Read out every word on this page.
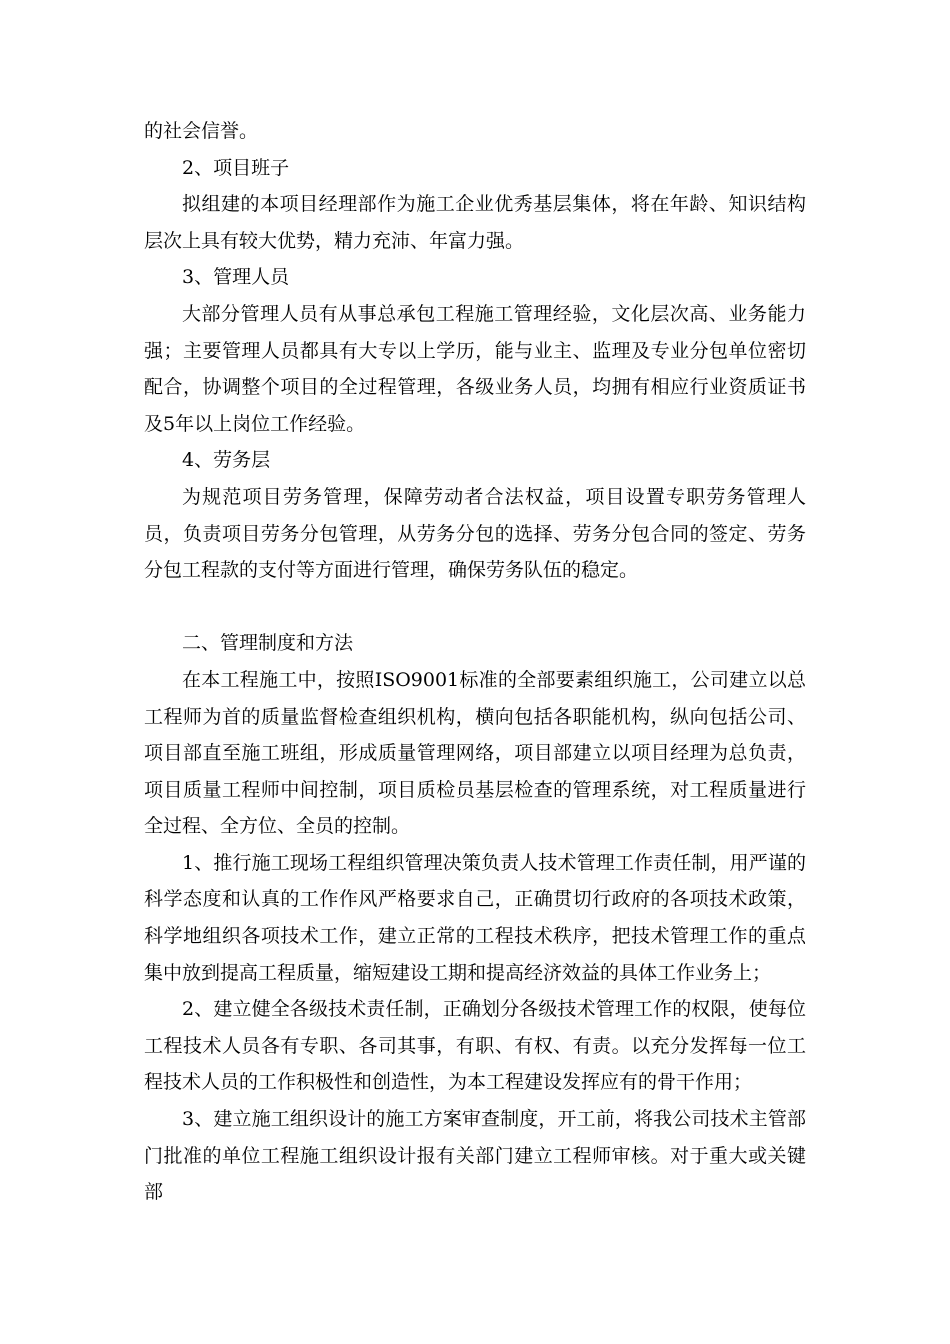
的社会信誉。

2、项目班子

拟组建的本项目经理部作为施工企业优秀基层集体，将在年龄、知识结构层次上具有较大优势，精力充沛、年富力强。

3、管理人员

大部分管理人员有从事总承包工程施工管理经验，文化层次高、业务能力强；主要管理人员都具有大专以上学历，能与业主、监理及专业分包单位密切配合，协调整个项目的全过程管理，各级业务人员，均拥有相应行业资质证书及5年以上岗位工作经验。

4、劳务层

为规范项目劳务管理，保障劳动者合法权益，项目设置专职劳务管理人员，负责项目劳务分包管理，从劳务分包的选择、劳务分包合同的签定、劳务分包工程款的支付等方面进行管理，确保劳务队伍的稳定。

二、管理制度和方法

在本工程施工中，按照ISO9001标准的全部要素组织施工，公司建立以总工程师为首的质量监督检查组织机构，横向包括各职能机构，纵向包括公司、项目部直至施工班组，形成质量管理网络，项目部建立以项目经理为总负责，项目质量工程师中间控制，项目质检员基层检查的管理系统，对工程质量进行全过程、全方位、全员的控制。

1、推行施工现场工程组织管理决策负责人技术管理工作责任制，用严谨的科学态度和认真的工作作风严格要求自己，正确贯切行政府的各项技术政策，科学地组织各项技术工作，建立正常的工程技术秩序，把技术管理工作的重点集中放到提高工程质量，缩短建设工期和提高经济效益的具体工作业务上；

2、建立健全各级技术责任制，正确划分各级技术管理工作的权限，使每位工程技术人员各有专职、各司其事，有职、有权、有责。以充分发挥每一位工程技术人员的工作积极性和创造性，为本工程建设发挥应有的骨干作用；

3、建立施工组织设计的施工方案审查制度，开工前，将我公司技术主管部门批准的单位工程施工组织设计报有关部门建立工程师审核。对于重大或关键部
